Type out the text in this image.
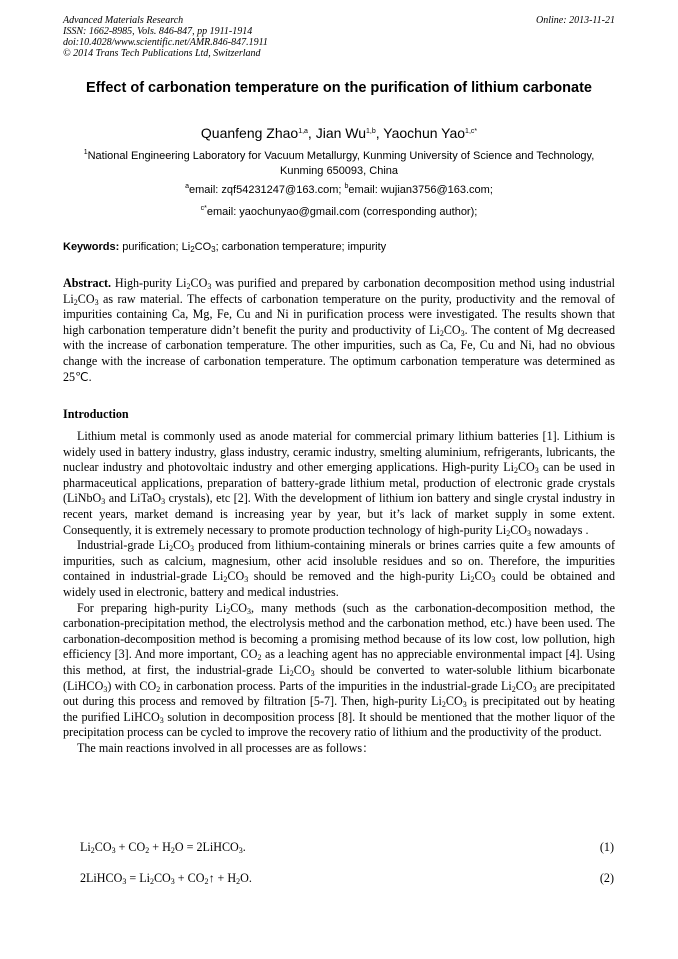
Advanced Materials Research
ISSN: 1662-8985, Vols. 846-847, pp 1911-1914
doi:10.4028/www.scientific.net/AMR.846-847.1911
© 2014 Trans Tech Publications Ltd, Switzerland
Online: 2013-11-21
Effect of carbonation temperature on the purification of lithium carbonate
Quanfeng Zhao$^{1,a}$, Jian Wu$^{1,b}$, Yaochun Yao$^{1,c*}$
$^1$National Engineering Laboratory for Vacuum Metallurgy, Kunming University of Science and Technology, Kunming 650093, China
$^a$email: zqf54231247@163.com; $^b$email: wujian3756@163.com;
$^{c*}$email: yaochunyao@gmail.com (corresponding author);
Keywords: purification; $Li_2CO_3$; carbonation temperature; impurity
Abstract. High-purity $Li_2CO_3$ was purified and prepared by carbonation decomposition method using industrial $Li_2CO_3$ as raw material. The effects of carbonation temperature on the purity, productivity and the removal of impurities containing Ca, Mg, Fe, Cu and Ni in purification process were investigated. The results shown that high carbonation temperature didn’t benefit the purity and productivity of $Li_2CO_3$. The content of Mg decreased with the increase of carbonation temperature. The other impurities, such as Ca, Fe, Cu and Ni, had no obvious change with the increase of carbonation temperature. The optimum carbonation temperature was determined as 25℃.
Introduction

Lithium metal is commonly used as anode material for commercial primary lithium batteries [1]. Lithium is widely used in battery industry, glass industry, ceramic industry, smelting aluminium, refrigerants, lubricants, the nuclear industry and photovoltaic industry and other emerging applications. High-purity $Li_2CO_3$ can be used in pharmaceutical applications, preparation of battery-grade lithium metal, production of electronic grade crystals (LiNbO$_3$ and LiTaO$_3$ crystals), etc [2]. With the development of lithium ion battery and single crystal industry in recent years, market demand is increasing year by year, but it’s lack of market supply in some extent. Consequently, it is extremely necessary to promote production technology of high-purity $Li_2CO_3$ nowadays .

Industrial-grade $Li_2CO_3$ produced from lithium-containing minerals or brines carries quite a few amounts of impurities, such as calcium, magnesium, other acid insoluble residues and so on. Therefore, the impurities contained in industrial-grade $Li_2CO_3$ should be removed and the high-purity $Li_2CO_3$ could be obtained and widely used in electronic, battery and medical industries.

For preparing high-purity $Li_2CO_3$, many methods (such as the carbonation-decomposition method, the carbonation-precipitation method, the electrolysis method and the carbonation method, etc.) have been used. The carbonation-decomposition method is becoming a promising method because of its low cost, low pollution, high efficiency [3]. And more important, $CO_2$ as a leaching agent has no appreciable environmental impact [4]. Using this method, at first, the industrial-grade $Li_2CO_3$ should be converted to water-soluble lithium bicarbonate (LiHCO$_3$) with $CO_2$ in carbonation process. Parts of the impurities in the industrial-grade $Li_2CO_3$ are precipitated out during this process and removed by filtration [5-7]. Then, high-purity $Li_2CO_3$ is precipitated out by heating the purified LiHCO$_3$ solution in decomposition process [8]. It should be mentioned that the mother liquor of the precipitation process can be cycled to improve the recovery ratio of lithium and the productivity of the product.

The main reactions involved in all processes are as follows：

$Li_2CO_3 + CO_2 + H_2O$ = 2LiHCO$_3$.	(1)
2LiHCO$_3$ = $Li_2CO_3$ + $CO_2↑ + H_2O$.	(2)
